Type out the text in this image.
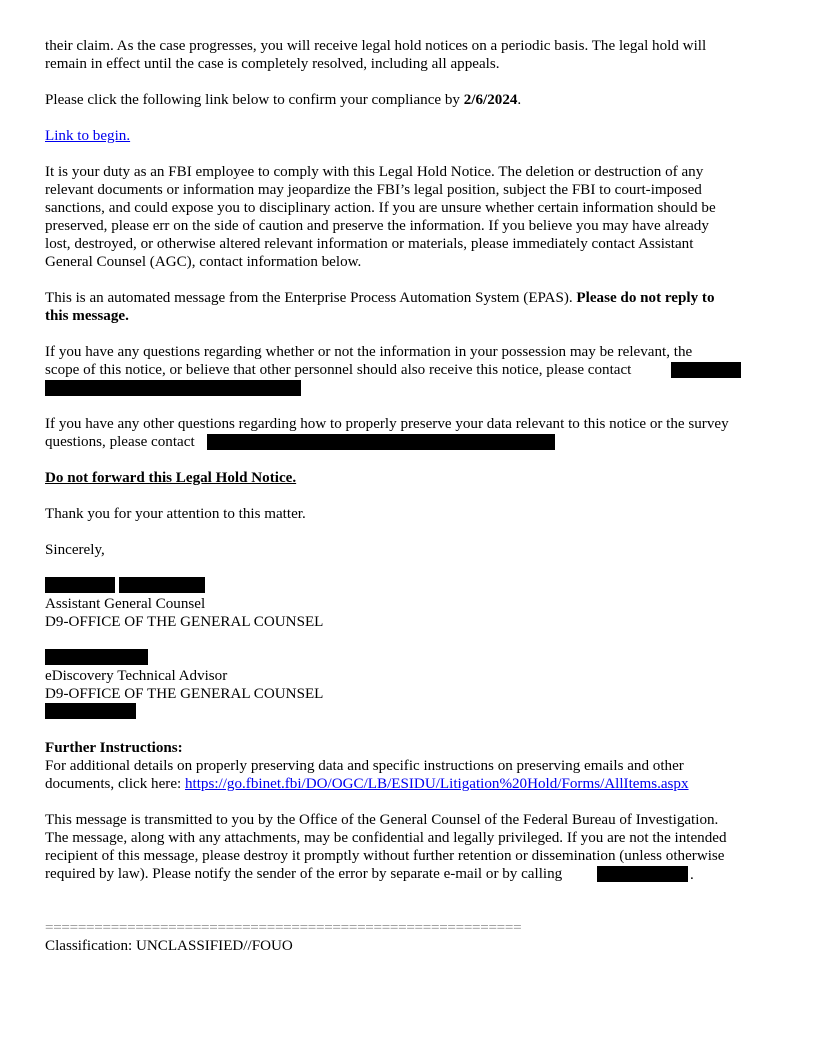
their claim. As the case progresses, you will receive legal hold notices on a periodic basis. The legal hold will
remain in effect until the case is completely resolved, including all appeals.

Please click the following link below to confirm your compliance by 2/6/2024.

Link to begin.

It is your duty as an FBI employee to comply with this Legal Hold Notice. The deletion or destruction of any
relevant documents or information may jeopardize the FBI’s legal position, subject the FBI to court-imposed
sanctions, and could expose you to disciplinary action. If you are unsure whether certain information should be
preserved, please err on the side of caution and preserve the information. If you believe you may have already
lost, destroyed, or otherwise altered relevant information or materials, please immediately contact Assistant
General Counsel (AGC), contact information below.

This is an automated message from the Enterprise Process Automation System (EPAS). Please do not reply to
this message.

If you have any questions regarding whether or not the information in your possession may be relevant, the
scope of this notice, or believe that other personnel should also receive this notice, please contact

If you have any other questions regarding how to properly preserve your data relevant to this notice or the survey
questions, please contact

Do not forward this Legal Hold Notice.

Thank you for your attention to this matter.

Sincerely,

Assistant General Counsel
D9-OFFICE OF THE GENERAL COUNSEL

eDiscovery Technical Advisor
D9-OFFICE OF THE GENERAL COUNSEL

Further Instructions:
For additional details on properly preserving data and specific instructions on preserving emails and other
documents, click here: https://go.fbinet.fbi/DO/OGC/LB/ESIDU/Litigation%20Hold/Forms/AllItems.aspx

This message is transmitted to you by the Office of the General Counsel of the Federal Bureau of Investigation.
The message, along with any attachments, may be confidential and legally privileged. If you are not the intended
recipient of this message, please destroy it promptly without further retention or dissemination (unless otherwise
required by law). Please notify the sender of the error by separate e-mail or by calling	.

==========================================================
Classification: UNCLASSIFIED//FOUO
